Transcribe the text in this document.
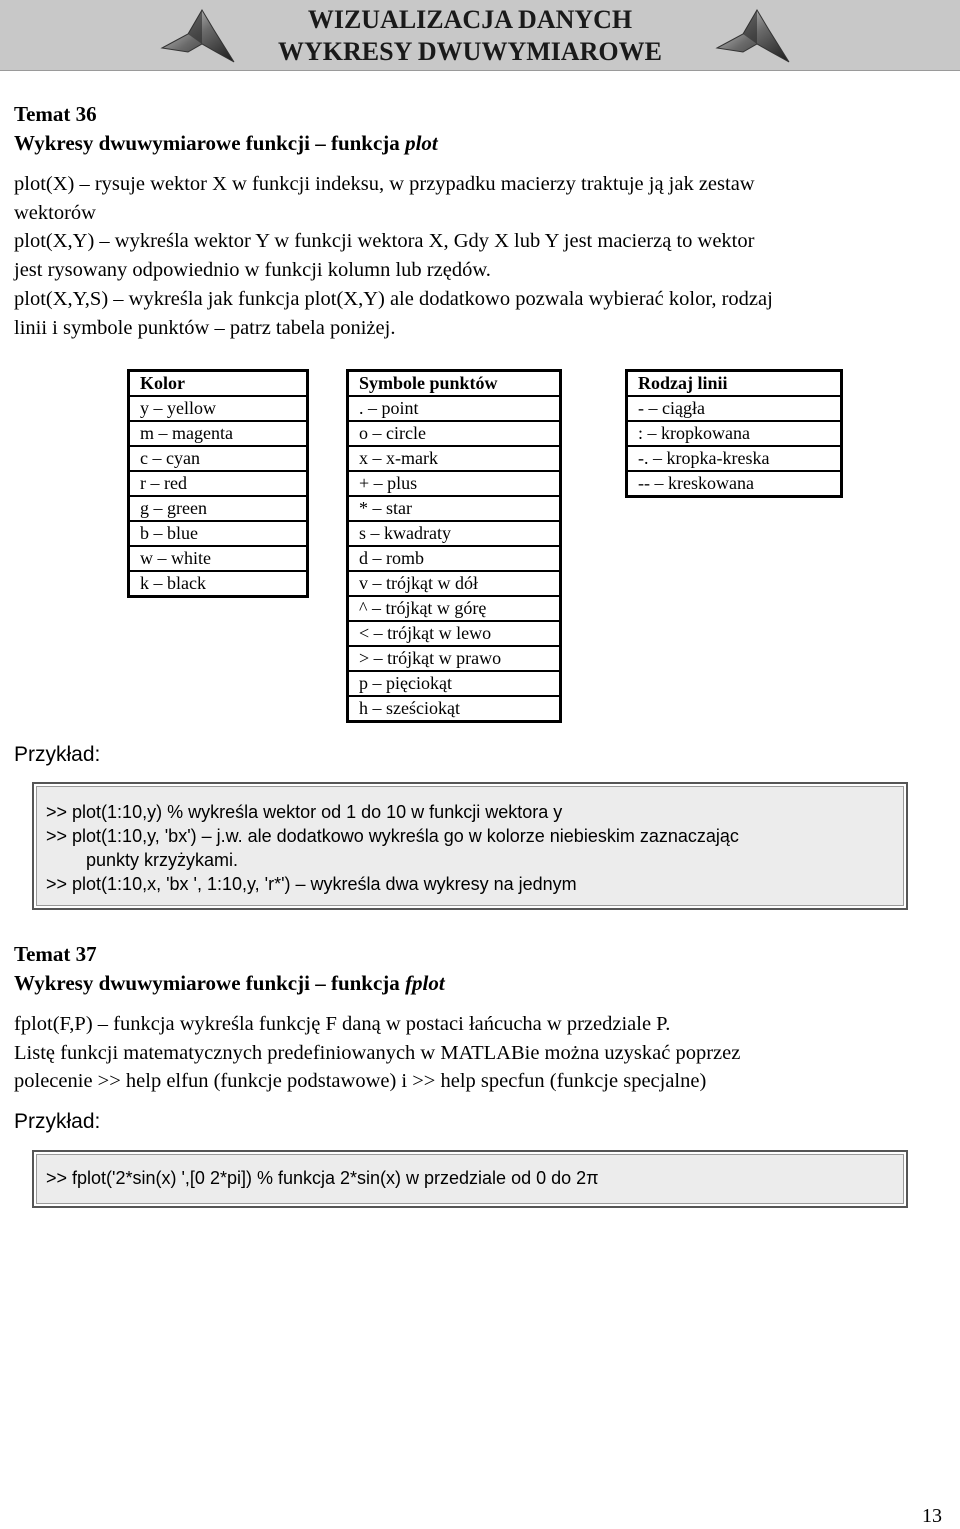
WIZUALIZACJA DANYCH
WYKRESY DWUWYMIAROWE
Temat 36
Wykresy dwuwymiarowe funkcji – funkcja plot

plot(X) – rysuje wektor X w funkcji indeksu, w przypadku macierzy traktuje ją jak zestaw

wektorów

plot(X,Y) – wykreśla wektor Y w funkcji wektora X, Gdy X lub Y jest macierzą to wektor

jest rysowany odpowiednio w funkcji kolumn lub rzędów.

plot(X,Y,S) – wykreśla jak funkcja plot(X,Y) ale dodatkowo pozwala wybierać kolor, rodzaj

linii i symbole punktów – patrz tabela poniżej.

Kolor
y – yellow
m – magenta
c – cyan
r – red
g – green
b – blue
w – white
k – black
Symbole punktów
. – point
o – circle
x – x-mark
+ – plus
* – star
s – kwadraty
d – romb
v – trójkąt w dół
^ – trójkąt w górę
< – trójkąt w lewo
> – trójkąt w prawo
p – pięciokąt
h – sześciokąt
Rodzaj linii
- – ciągła
: – kropkowana
-. – kropka-kreska
-- – kreskowana
Przykład:
>> plot(1:10,y) % wykreśla wektor od 1 do 10 w funkcji wektora y
>> plot(1:10,y, 'bx') – j.w. ale dodatkowo wykreśla go w kolorze niebieskim zaznaczając
punkty krzyżykami.
>> plot(1:10,x, 'bx ', 1:10,y, 'r*') – wykreśla dwa wykresy na jednym
Temat 37
Wykresy dwuwymiarowe funkcji – funkcja fplot

fplot(F,P) – funkcja wykreśla funkcję F daną w postaci łańcucha w przedziale P.

Listę funkcji matematycznych predefiniowanych w MATLABie można uzyskać poprzez

polecenie >> help elfun (funkcje podstawowe) i >> help specfun (funkcje specjalne)

Przykład:
>> fplot('2*sin(x) ',[0 2*pi]) % funkcja 2*sin(x) w przedziale od 0 do 2π
13
